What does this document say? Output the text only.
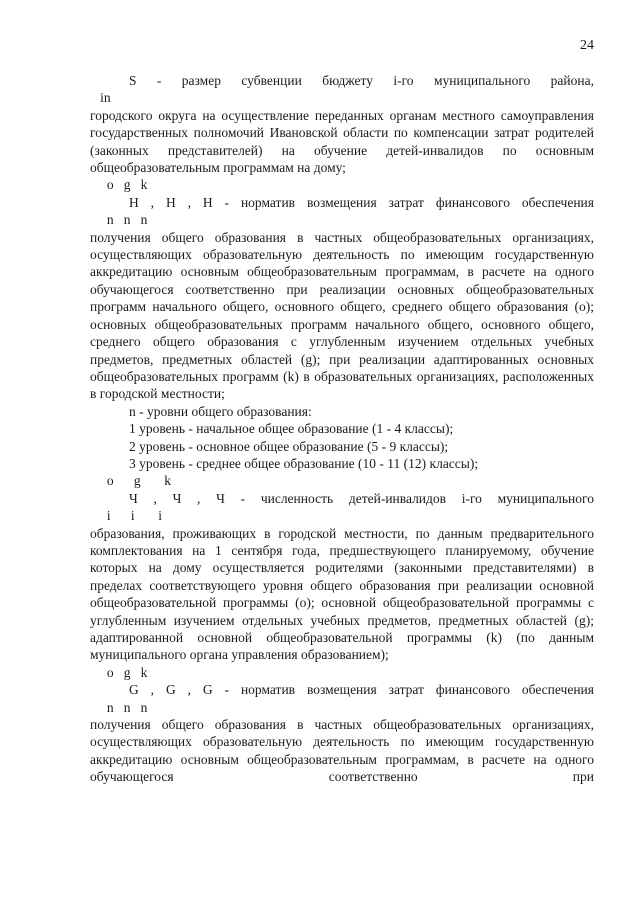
24

S - размер субвенции бюджету i-го муниципального района,

in

городского округа на осуществление переданных органам местного самоуправления государственных полномочий Ивановской области по компенсации затрат родителей (законных представителей) на обучение детей-инвалидов по основным общеобразовательным программам на дому;

o   g   k

H , H , H - норматив возмещения затрат финансового обеспечения

n   n   n

получения общего образования в частных общеобразовательных организациях, осуществляющих образовательную деятельность по имеющим государственную аккредитацию основным общеобразовательным программам, в расчете на одного обучающегося соответственно при реализации основных общеобразовательных программ начального общего, основного общего, среднего общего образования (o); основных общеобразовательных программ начального общего, основного общего, среднего общего образования с углубленным изучением отдельных учебных предметов, предметных областей (g); при реализации адаптированных основных общеобразовательных программ (k) в образовательных организациях, расположенных в городской местности;

n - уровни общего образования:

1 уровень - начальное общее образование (1 - 4 классы);

2 уровень - основное общее образование (5 - 9 классы);

3 уровень - среднее общее образование (10 - 11 (12) классы);

o      g       k

Ч , Ч , Ч - численность детей-инвалидов i-го муниципального

i      i       i

образования, проживающих в городской местности, по данным предварительного комплектования на 1 сентября года, предшествующего планируемому, обучение которых на дому осуществляется родителями (законными представителями) в пределах соответствующего уровня общего образования при реализации основной общеобразовательной программы (o); основной общеобразовательной программы с углубленным изучением отдельных учебных предметов, предметных областей (g); адаптированной основной общеобразовательной программы (k) (по данным муниципального органа управления образованием);

o   g   k

G , G , G - норматив возмещения затрат финансового обеспечения

n   n   n

получения общего образования в частных общеобразовательных организациях, осуществляющих образовательную деятельность по имеющим государственную аккредитацию основным общеобразовательным программам, в расчете на одного обучающегося соответственно при
